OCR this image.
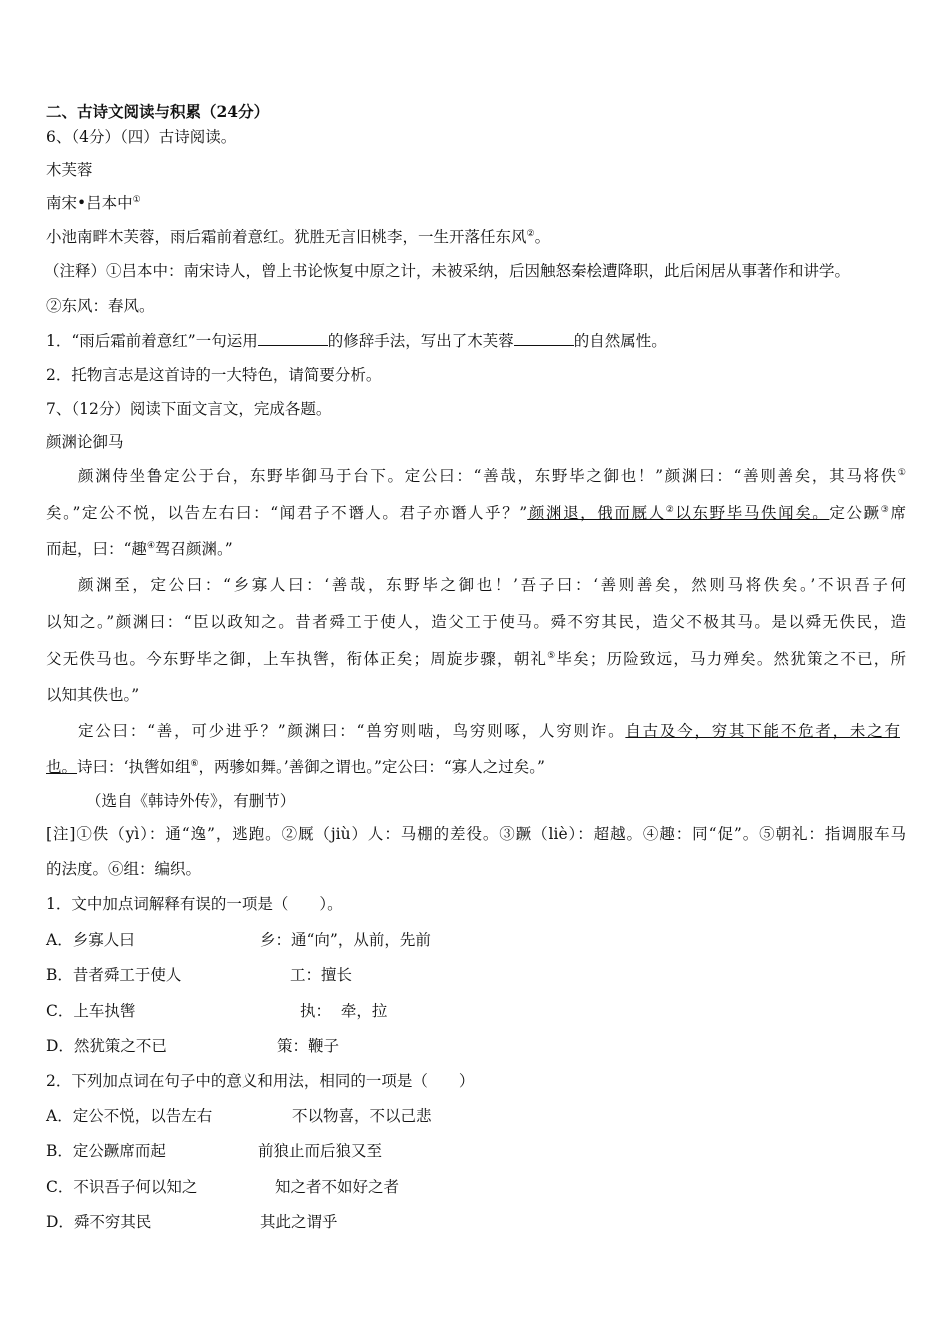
二、古诗文阅读与积累（24分）
6、（4分）（四）古诗阅读。
木芙蓉
南宋•吕本中①
小池南畔木芙蓉，雨后霜前着意红。犹胜无言旧桃李，一生开落任东风②。
（注释）①吕本中：南宋诗人，曾上书论恢复中原之计，未被采纳，后因触怒秦桧遭降职，此后闲居从事著作和讲学。
②东风：春风。
1．“雨后霜前着意红”一句运用	的修辞手法，写出了木芙蓉	的自然属性。
2．托物言志是这首诗的一大特色，请简要分析。
7、（12分）阅读下面文言文，完成各题。
颜渊论御马
颜渊侍坐鲁定公于台，东野毕御马于台下。定公曰：“善哉，东野毕之御也！”颜渊曰：“善则善矣，其马将佚①
矣。”定公不悦，以告左右曰：“闻君子不谮人。君子亦谮人乎？”颜渊退，俄而厩人②以东野毕马佚闻矣。定公蹶③席
而起，曰：“趣④驾召颜渊。”
颜渊至，定公曰：“乡寡人曰：‘善哉，东野毕之御也！’吾子曰：‘善则善矣，然则马将佚矣。’不识吾子何
以知之。”颜渊曰：“臣以政知之。昔者舜工于使人，造父工于使马。舜不穷其民，造父不极其马。是以舜无佚民，造
父无佚马也。今东野毕之御，上车执辔，衔体正矣；周旋步骤，朝礼⑤毕矣；历险致远，马力殚矣。然犹策之不已，所
以知其佚也。”
定公曰：“善，可少进乎？”颜渊曰：“兽穷则啮，鸟穷则啄，人穷则诈。自古及今，穷其下能不危者，未之有
也。诗曰：‘执辔如组⑥，两骖如舞。’善御之谓也。”定公曰：“寡人之过矣。”
（选自《韩诗外传》，有删节）
[注]①佚（yì）：通“逸”，逃跑。②厩（jiù）人：马棚的差役。③蹶（liè）：超越。④趣：同“促”。⑤朝礼：指调服车马
的法度。⑥组：编织。
1．文中加点词解释有误的一项是（　　）。
A．乡寡人曰	乡：通“向”，从前，先前
B．昔者舜工于使人	工：擅长
C．上车执辔	执：  牵，拉
D．然犹策之不已	策：鞭子
2．下列加点词在句子中的意义和用法，相同的一项是（　　）
A．定公不悦，以告左右	不以物喜，不以己悲
B．定公蹶席而起	前狼止而后狼又至
C．不识吾子何以知之	知之者不如好之者
D．舜不穷其民	其此之谓乎
